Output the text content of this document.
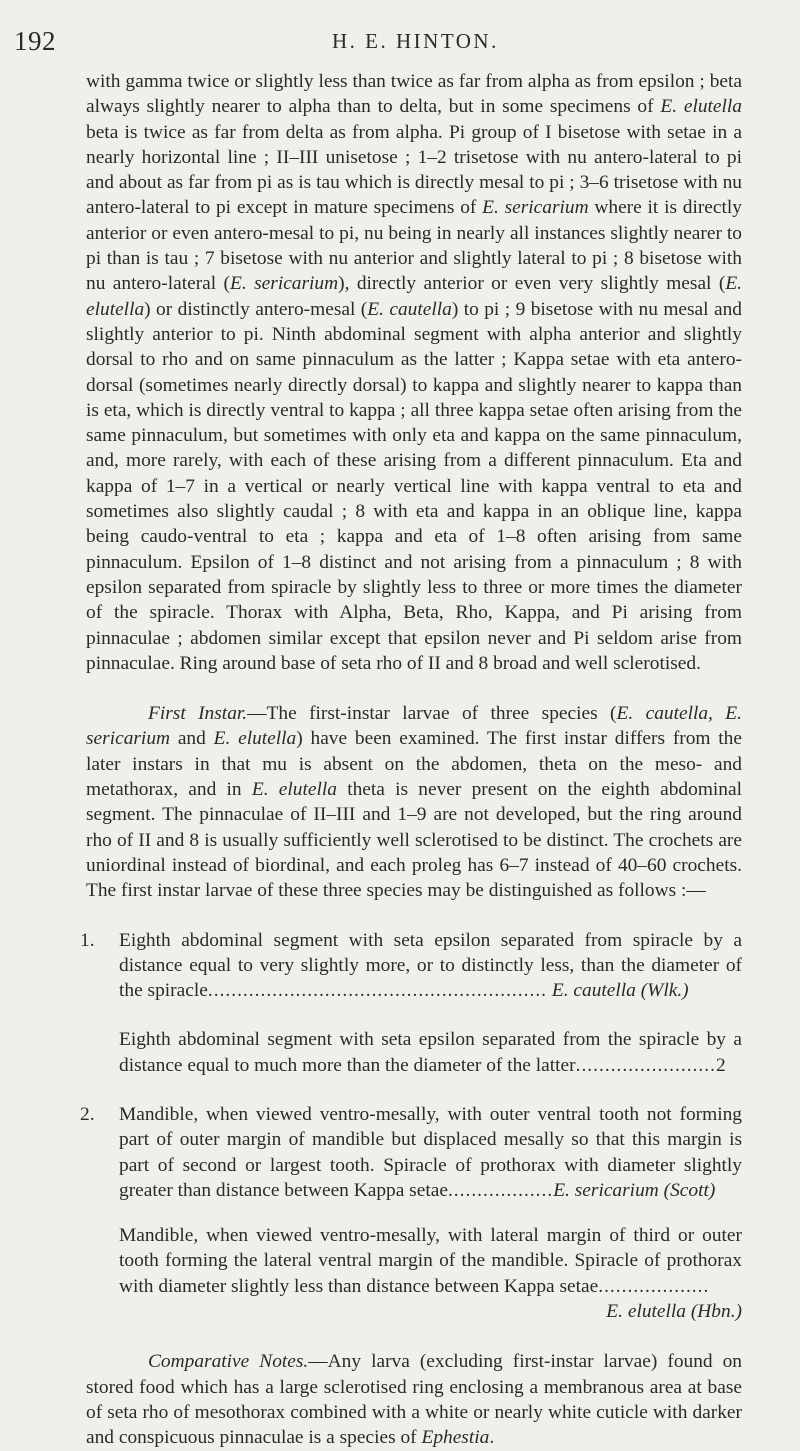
192	H. E. HINTON.

with gamma twice or slightly less than twice as far from alpha as from epsilon ; beta always slightly nearer to alpha than to delta, but in some specimens of E. elutella beta is twice as far from delta as from alpha. Pi group of I bisetose with setae in a nearly horizontal line ; II–III unisetose ; 1–2 trisetose with nu antero-lateral to pi and about as far from pi as is tau which is directly mesal to pi ; 3–6 trisetose with nu antero-lateral to pi except in mature specimens of E. sericarium where it is directly anterior or even antero-mesal to pi, nu being in nearly all instances slightly nearer to pi than is tau ; 7 bisetose with nu anterior and slightly lateral to pi ; 8 bisetose with nu antero-lateral (E. sericarium), directly anterior or even very slightly mesal (E. elutella) or distinctly antero-mesal (E. cautella) to pi ; 9 bisetose with nu mesal and slightly anterior to pi. Ninth abdominal segment with alpha anterior and slightly dorsal to rho and on same pinnaculum as the latter ; Kappa setae with eta antero-dorsal (sometimes nearly directly dorsal) to kappa and slightly nearer to kappa than is eta, which is directly ventral to kappa ; all three kappa setae often arising from the same pinnaculum, but sometimes with only eta and kappa on the same pinnaculum, and, more rarely, with each of these arising from a different pinnaculum. Eta and kappa of 1–7 in a vertical or nearly vertical line with kappa ventral to eta and sometimes also slightly caudal ; 8 with eta and kappa in an oblique line, kappa being caudo-ventral to eta ; kappa and eta of 1–8 often arising from same pinnaculum. Epsilon of 1–8 distinct and not arising from a pinnaculum ; 8 with epsilon separated from spiracle by slightly less to three or more times the diameter of the spiracle. Thorax with Alpha, Beta, Rho, Kappa, and Pi arising from pinnaculae ; abdomen similar except that epsilon never and Pi seldom arise from pinnaculae. Ring around base of seta rho of II and 8 broad and well sclerotised.

First Instar.—The first-instar larvae of three species (E. cautella, E. sericarium and E. elutella) have been examined. The first instar differs from the later instars in that mu is absent on the abdomen, theta on the meso- and metathorax, and in E. elutella theta is never present on the eighth abdominal segment. The pinnaculae of II–III and 1–9 are not developed, but the ring around rho of II and 8 is usually sufficiently well sclerotised to be distinct. The crochets are uniordinal instead of biordinal, and each proleg has 6–7 instead of 40–60 crochets. The first instar larvae of these three species may be distinguished as follows :—

1. Eighth abdominal segment with seta epsilon separated from spiracle by a distance equal to very slightly more, or to distinctly less, than the diameter of the spiracle.......................................................... E. cautella (Wlk.)
Eighth abdominal segment with seta epsilon separated from the spiracle by a distance equal to much more than the diameter of the latter........................2
2. Mandible, when viewed ventro-mesally, with outer ventral tooth not forming part of outer margin of mandible but displaced mesally so that this margin is part of second or largest tooth. Spiracle of prothorax with diameter slightly greater than distance between Kappa setae..................E. sericarium (Scott)
Mandible, when viewed ventro-mesally, with lateral margin of third or outer tooth forming the lateral ventral margin of the mandible. Spiracle of prothorax with diameter slightly less than distance between Kappa setae...................
E. elutella (Hbn.)

Comparative Notes.—Any larva (excluding first-instar larvae) found on stored food which has a large sclerotised ring enclosing a membranous area at base of seta rho of mesothorax combined with a white or nearly white cuticle with darker and conspicuous pinnaculae is a species of Ephestia.
